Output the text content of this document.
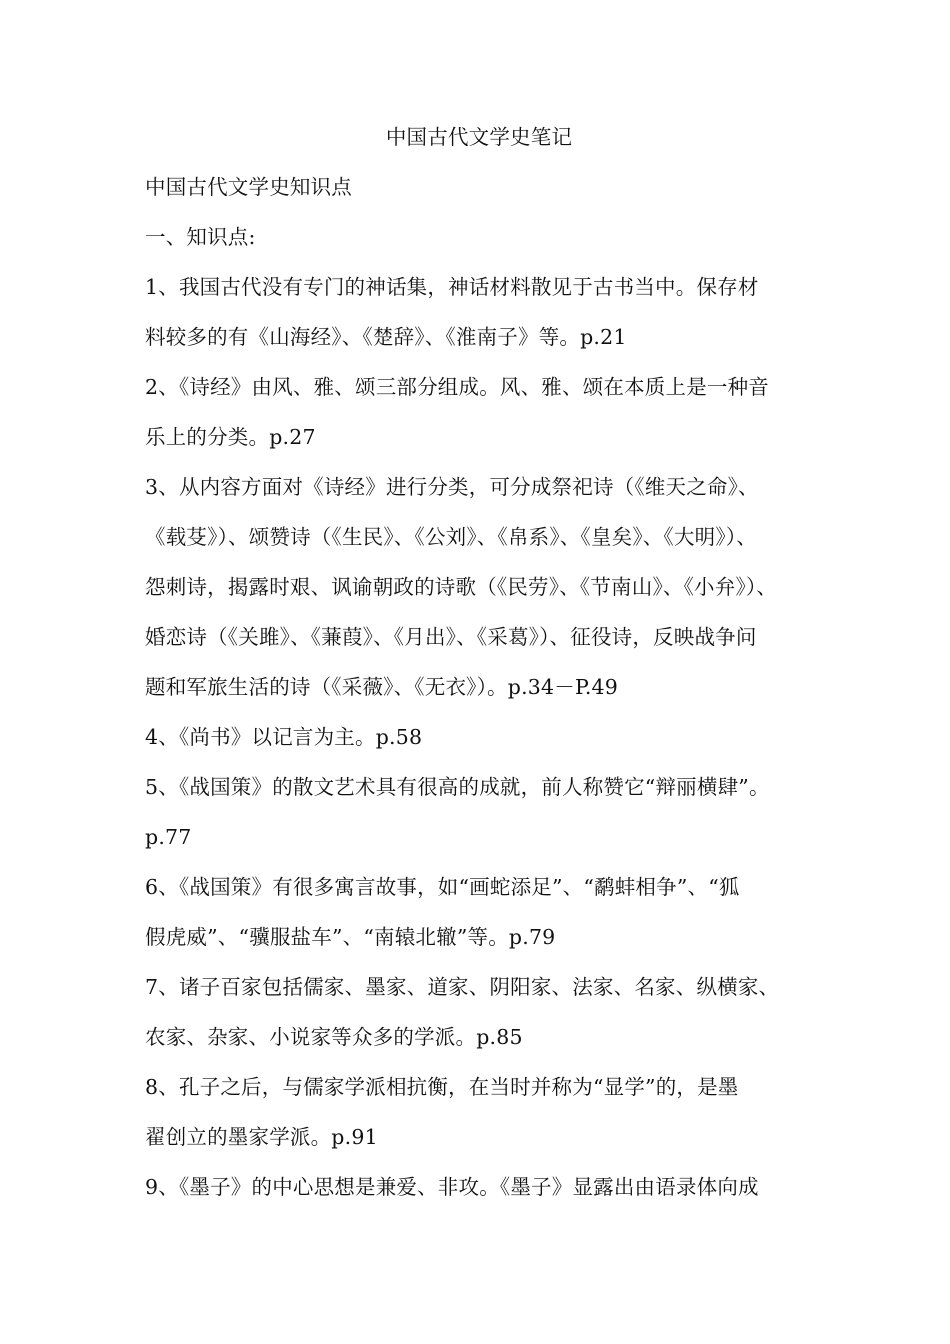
中国古代文学史笔记

中国古代文学史知识点

一、知识点:

1、我国古代没有专门的神话集，神话材料散见于古书当中。保存材

料较多的有《山海经》、《楚辞》、《淮南子》等。p.21

2、《诗经》由风、雅、颂三部分组成。风、雅、颂在本质上是一种音

乐上的分类。p.27

3、从内容方面对《诗经》进行分类，可分成祭祀诗（《维天之命》、

《载芟》）、颂赞诗（《生民》、《公刘》、《帛系》、《皇矣》、《大明》）、

怨刺诗，揭露时艰、讽谕朝政的诗歌（《民劳》、《节南山》、《小弁》）、

婚恋诗（《关雎》、《蒹葭》、《月出》、《采葛》）、征役诗，反映战争问

题和军旅生活的诗（《采薇》、《无衣》）。p.34－P.49

4、《尚书》以记言为主。p.58

5、《战国策》的散文艺术具有很高的成就，前人称赞它“辩丽横肆”。

p.77

6、《战国策》有很多寓言故事，如“画蛇添足”、“鹬蚌相争”、“狐

假虎威”、“骥服盐车”、“南辕北辙”等。p.79

7、诸子百家包括儒家、墨家、道家、阴阳家、法家、名家、纵横家、

农家、杂家、小说家等众多的学派。p.85

8、孔子之后，与儒家学派相抗衡，在当时并称为“显学”的，是墨

翟创立的墨家学派。p.91

9、《墨子》的中心思想是兼爱、非攻。《墨子》显露出由语录体向成
